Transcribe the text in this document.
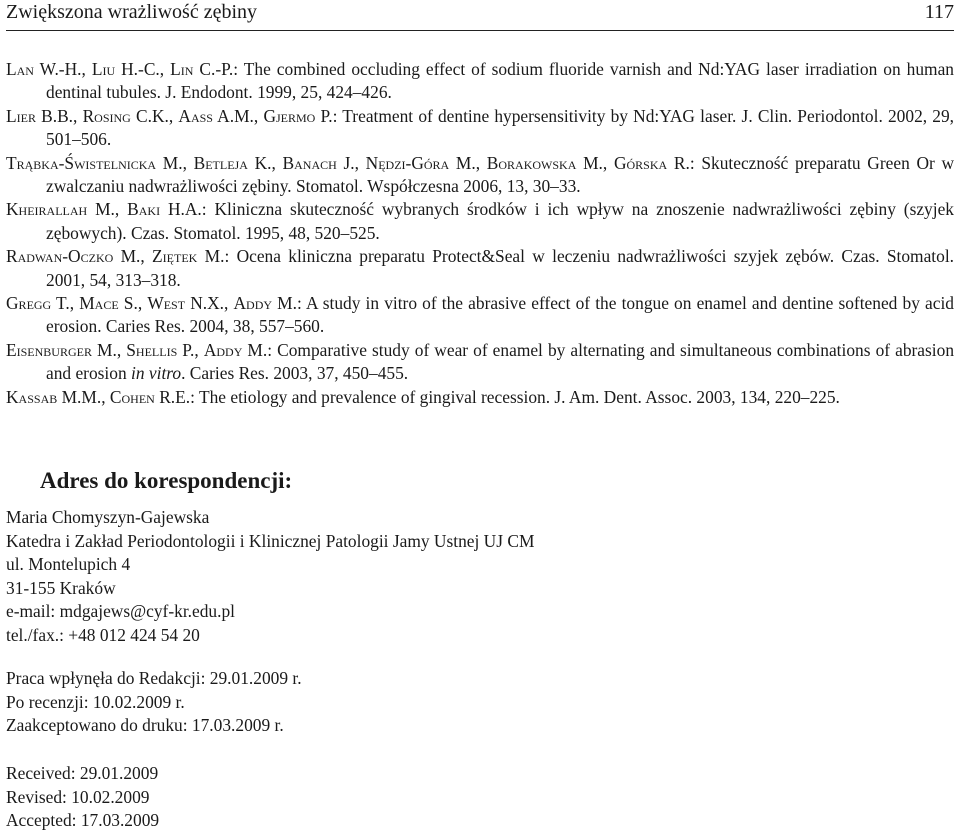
Zwiększona wrażliwość zębiny	117

Lan W.-H., Liu H.-C., Lin C.-P.: The combined occluding effect of sodium fluoride varnish and Nd:YAG laser irradiation on human dentinal tubules. J. Endodont. 1999, 25, 424–426.

Lier B.B., Rosing C.K., Aass A.M., Gjermo P.: Treatment of dentine hypersensitivity by Nd:YAG laser. J. Clin. Periodontol. 2002, 29, 501–506.

Trąbka-Świstelnicka M., Betleja K., Banach J., Nędzi-Góra M., Borakowska M., Górska R.: Skuteczność preparatu Green Or w zwalczaniu nadwrażliwości zębiny. Stomatol. Współczesna 2006, 13, 30–33.

Kheirallah M., Baki H.A.: Kliniczna skuteczność wybranych środków i ich wpływ na znoszenie nadwrażliwości zębiny (szyjek zębowych). Czas. Stomatol. 1995, 48, 520–525.

Radwan-Oczko M., Ziętek M.: Ocena kliniczna preparatu Protect&Seal w leczeniu nadwrażliwości szyjek zębów. Czas. Stomatol. 2001, 54, 313–318.

Gregg T., Mace S., West N.X., Addy M.: A study in vitro of the abrasive effect of the tongue on enamel and dentine softened by acid erosion. Caries Res. 2004, 38, 557–560.

Eisenburger M., Shellis P., Addy M.: Comparative study of wear of enamel by alternating and simultaneous combinations of abrasion and erosion in vitro. Caries Res. 2003, 37, 450–455.

Kassab M.M., Cohen R.E.: The etiology and prevalence of gingival recession. J. Am. Dent. Assoc. 2003, 134, 220–225.

Adres do korespondencji:
Maria Chomyszyn-Gajewska
Katedra i Zakład Periodontologii i Klinicznej Patologii Jamy Ustnej UJ CM
ul. Montelupich 4
31-155 Kraków
e-mail: mdgajews@cyf-kr.edu.pl
tel./fax.: +48 012 424 54 20
Praca wpłynęła do Redakcji: 29.01.2009 r.
Po recenzji: 10.02.2009 r.
Zaakceptowano do druku: 17.03.2009 r.
Received: 29.01.2009
Revised: 10.02.2009
Accepted: 17.03.2009
